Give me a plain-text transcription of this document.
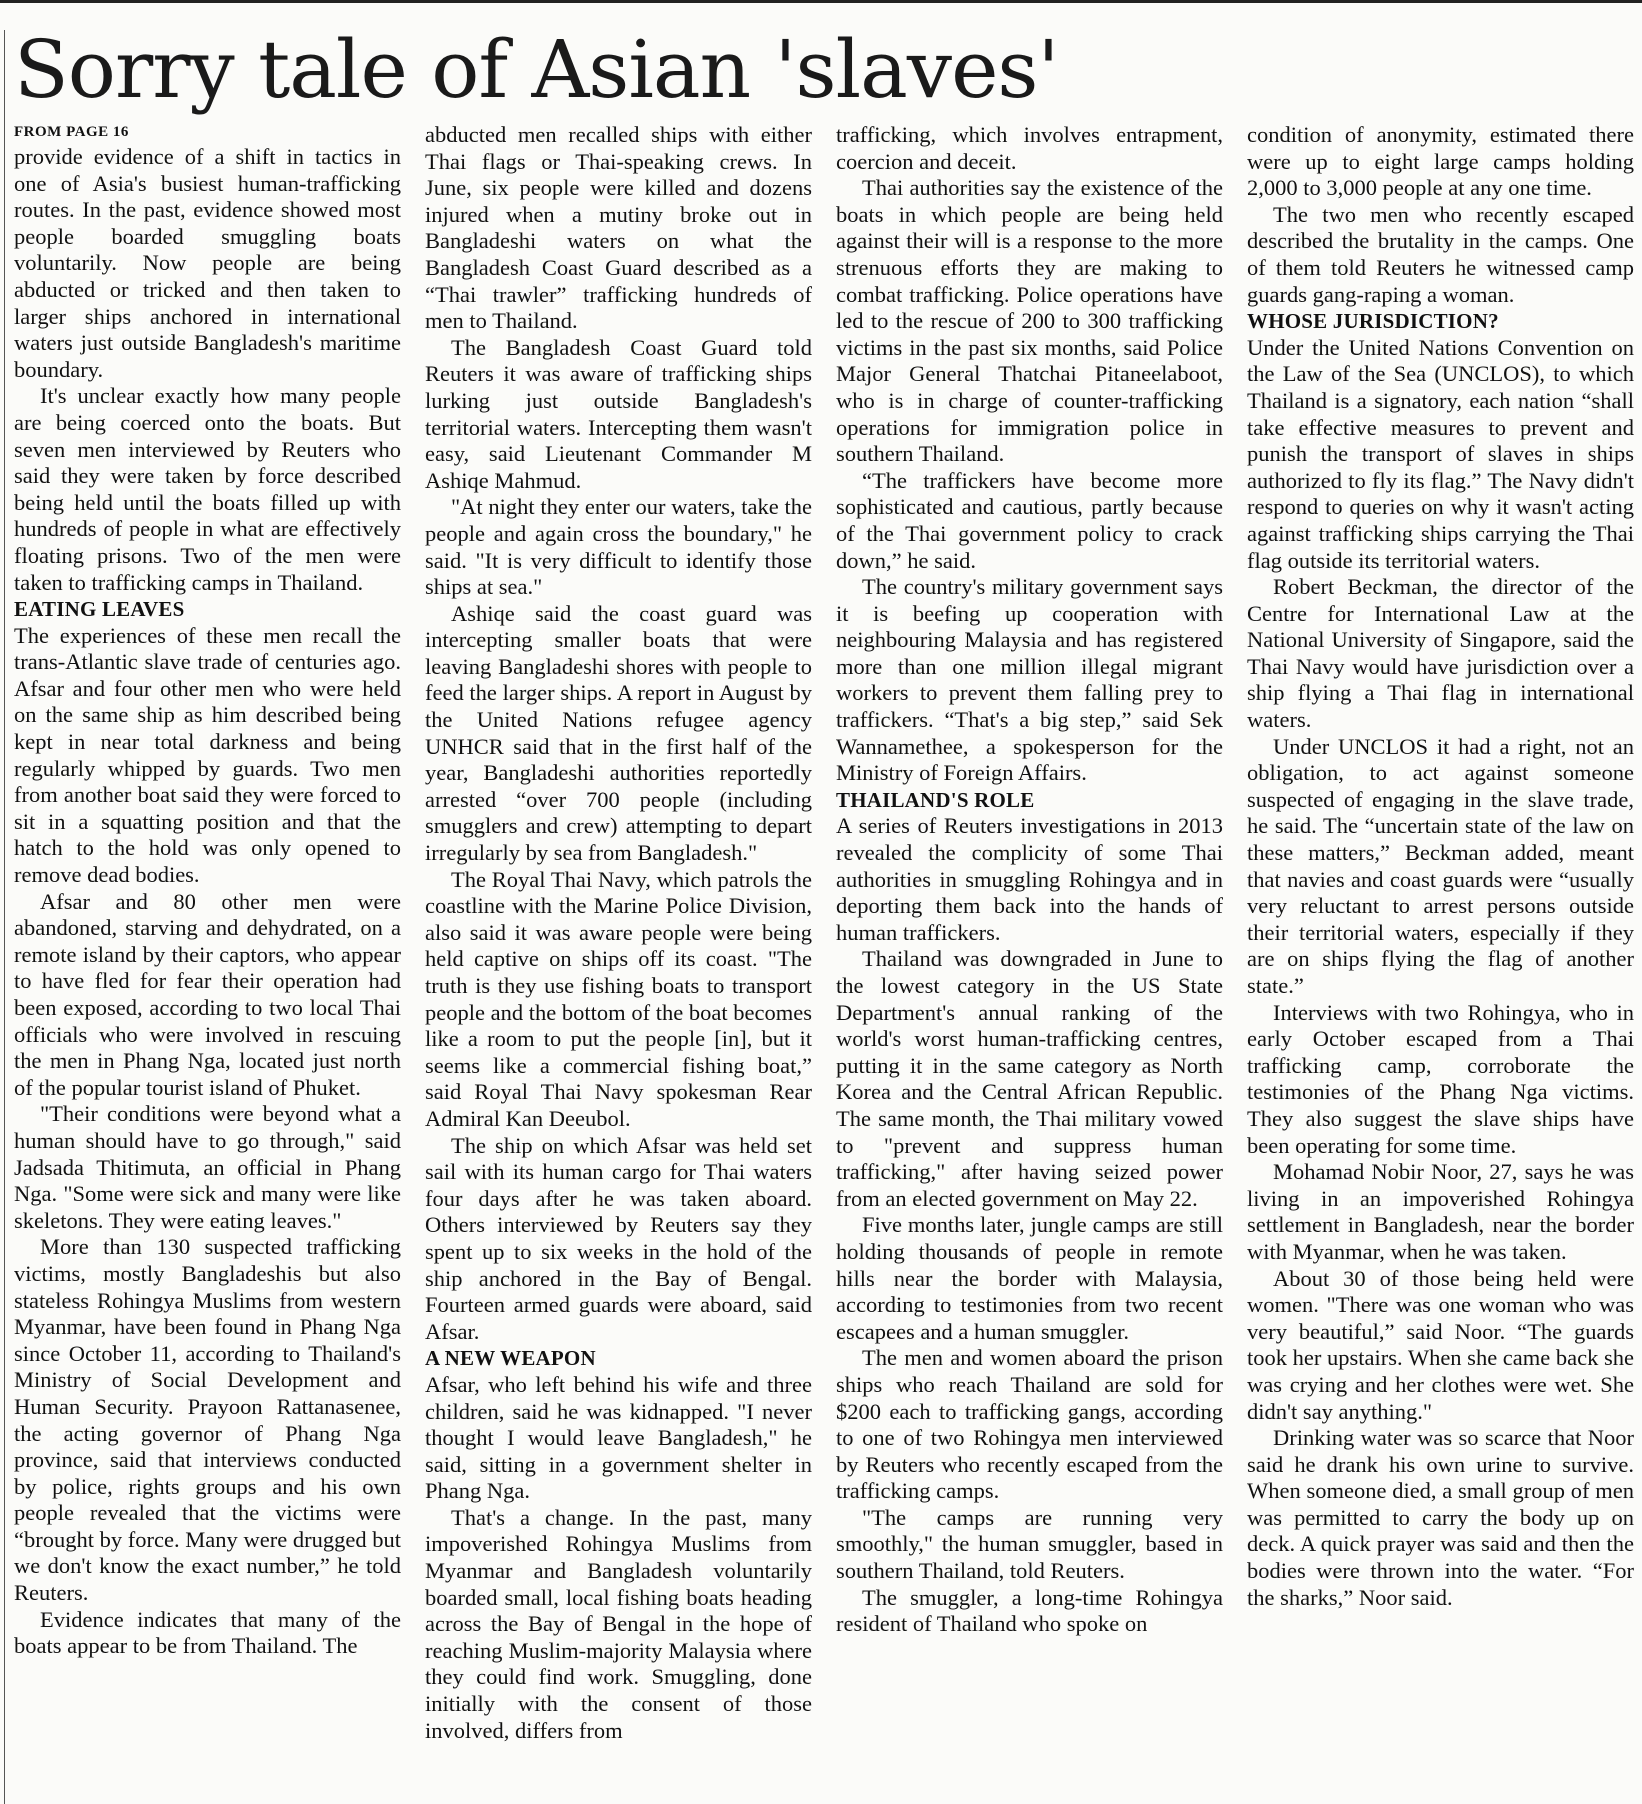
Sorry tale of Asian 'slaves'
FROM PAGE 16

provide evidence of a shift in tactics in one of Asia's busiest human-trafficking routes. In the past, evidence showed most people boarded smuggling boats voluntarily. Now people are being abducted or tricked and then taken to larger ships anchored in international waters just outside Bangladesh's maritime boundary.

It's unclear exactly how many people are being coerced onto the boats. But seven men interviewed by Reuters who said they were taken by force described being held until the boats filled up with hundreds of people in what are effectively floating prisons. Two of the men were taken to trafficking camps in Thailand.

EATING LEAVES

The experiences of these men recall the trans-Atlantic slave trade of centuries ago. Afsar and four other men who were held on the same ship as him described being kept in near total darkness and being regularly whipped by guards. Two men from another boat said they were forced to sit in a squatting position and that the hatch to the hold was only opened to remove dead bodies.

Afsar and 80 other men were abandoned, starving and dehydrated, on a remote island by their captors, who appear to have fled for fear their operation had been exposed, according to two local Thai officials who were involved in rescuing the men in Phang Nga, located just north of the popular tourist island of Phuket.

"Their conditions were beyond what a human should have to go through," said Jadsada Thitimuta, an official in Phang Nga. "Some were sick and many were like skeletons. They were eating leaves."

More than 130 suspected trafficking victims, mostly Bangladeshis but also stateless Rohingya Muslims from western Myanmar, have been found in Phang Nga since October 11, according to Thailand's Ministry of Social Development and Human Security. Prayoon Rattanasenee, the acting governor of Phang Nga province, said that interviews conducted by police, rights groups and his own people revealed that the victims were “brought by force. Many were drugged but we don't know the exact number,” he told Reuters.

Evidence indicates that many of the boats appear to be from Thailand. The

abducted men recalled ships with either Thai flags or Thai-speaking crews. In June, six people were killed and dozens injured when a mutiny broke out in Bangladeshi waters on what the Bangladesh Coast Guard described as a “Thai trawler” trafficking hundreds of men to Thailand.

The Bangladesh Coast Guard told Reuters it was aware of trafficking ships lurking just outside Bangladesh's territorial waters. Intercepting them wasn't easy, said Lieutenant Commander M Ashiqe Mahmud.

"At night they enter our waters, take the people and again cross the boundary," he said. "It is very difficult to identify those ships at sea."

Ashiqe said the coast guard was intercepting smaller boats that were leaving Bangladeshi shores with people to feed the larger ships. A report in August by the United Nations refugee agency UNHCR said that in the first half of the year, Bangladeshi authorities reportedly arrested “over 700 people (including smugglers and crew) attempting to depart irregularly by sea from Bangladesh."

The Royal Thai Navy, which patrols the coastline with the Marine Police Division, also said it was aware people were being held captive on ships off its coast. "The truth is they use fishing boats to transport people and the bottom of the boat becomes like a room to put the people [in], but it seems like a commercial fishing boat,” said Royal Thai Navy spokesman Rear Admiral Kan Deeubol.

The ship on which Afsar was held set sail with its human cargo for Thai waters four days after he was taken aboard. Others interviewed by Reuters say they spent up to six weeks in the hold of the ship anchored in the Bay of Bengal. Fourteen armed guards were aboard, said Afsar.

A NEW WEAPON

Afsar, who left behind his wife and three children, said he was kidnapped. "I never thought I would leave Bangladesh," he said, sitting in a government shelter in Phang Nga.

That's a change. In the past, many impoverished Rohingya Muslims from Myanmar and Bangladesh voluntarily boarded small, local fishing boats heading across the Bay of Bengal in the hope of reaching Muslim-majority Malaysia where they could find work. Smuggling, done initially with the consent of those involved, differs from

trafficking, which involves entrapment, coercion and deceit.

Thai authorities say the existence of the boats in which people are being held against their will is a response to the more strenuous efforts they are making to combat trafficking. Police operations have led to the rescue of 200 to 300 trafficking victims in the past six months, said Police Major General Thatchai Pitaneelaboot, who is in charge of counter-trafficking operations for immigration police in southern Thailand.

“The traffickers have become more sophisticated and cautious, partly because of the Thai government policy to crack down,” he said.

The country's military government says it is beefing up cooperation with neighbouring Malaysia and has registered more than one million illegal migrant workers to prevent them falling prey to traffickers. “That's a big step,” said Sek Wannamethee, a spokesperson for the Ministry of Foreign Affairs.

THAILAND'S ROLE

A series of Reuters investigations in 2013 revealed the complicity of some Thai authorities in smuggling Rohingya and in deporting them back into the hands of human traffickers.

Thailand was downgraded in June to the lowest category in the US State Department's annual ranking of the world's worst human-trafficking centres, putting it in the same category as North Korea and the Central African Republic. The same month, the Thai military vowed to "prevent and suppress human trafficking," after having seized power from an elected government on May 22.

Five months later, jungle camps are still holding thousands of people in remote hills near the border with Malaysia, according to testimonies from two recent escapees and a human smuggler.

The men and women aboard the prison ships who reach Thailand are sold for $200 each to trafficking gangs, according to one of two Rohingya men interviewed by Reuters who recently escaped from the trafficking camps.

"The camps are running very smoothly," the human smuggler, based in southern Thailand, told Reuters.

The smuggler, a long-time Rohingya resident of Thailand who spoke on

condition of anonymity, estimated there were up to eight large camps holding 2,000 to 3,000 people at any one time.

The two men who recently escaped described the brutality in the camps. One of them told Reuters he witnessed camp guards gang-raping a woman.

WHOSE JURISDICTION?

Under the United Nations Convention on the Law of the Sea (UNCLOS), to which Thailand is a signatory, each nation “shall take effective measures to prevent and punish the transport of slaves in ships authorized to fly its flag.” The Navy didn't respond to queries on why it wasn't acting against trafficking ships carrying the Thai flag outside its territorial waters.

Robert Beckman, the director of the Centre for International Law at the National University of Singapore, said the Thai Navy would have jurisdiction over a ship flying a Thai flag in international waters.

Under UNCLOS it had a right, not an obligation, to act against someone suspected of engaging in the slave trade, he said. The “uncertain state of the law on these matters,” Beckman added, meant that navies and coast guards were “usually very reluctant to arrest persons outside their territorial waters, especially if they are on ships flying the flag of another state.”

Interviews with two Rohingya, who in early October escaped from a Thai trafficking camp, corroborate the testimonies of the Phang Nga victims. They also suggest the slave ships have been operating for some time.

Mohamad Nobir Noor, 27, says he was living in an impoverished Rohingya settlement in Bangladesh, near the border with Myanmar, when he was taken.

About 30 of those being held were women. "There was one woman who was very beautiful,” said Noor. “The guards took her upstairs. When she came back she was crying and her clothes were wet. She didn't say anything."

Drinking water was so scarce that Noor said he drank his own urine to survive. When someone died, a small group of men was permitted to carry the body up on deck. A quick prayer was said and then the bodies were thrown into the water. “For the sharks,” Noor said.
